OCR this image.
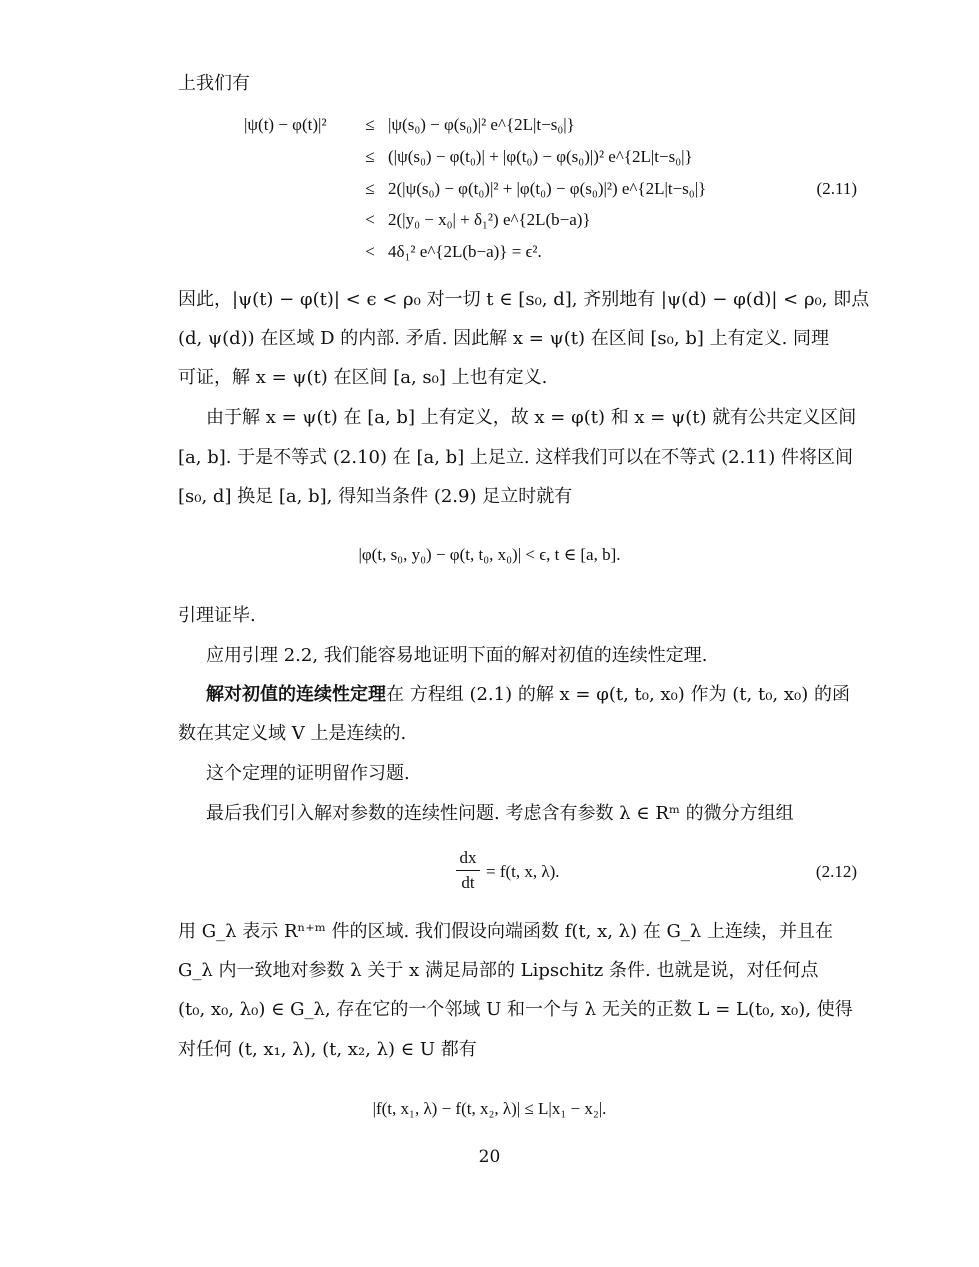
上我们有
|ψ(t) − φ(t)|²	≤ |ψ(s₀) − φ(s₀)|² e^{2L|t−s₀|}
≤ (|ψ(s₀) − φ(t₀)| + |φ(t₀) − φ(s₀)|)² e^{2L|t−s₀|}
≤ 2(|ψ(s₀) − φ(t₀)|² + |φ(t₀) − φ(s₀)|²) e^{2L|t−s₀|}	(2.11)
< 2(|y₀ − x₀| + δ₁²) e^{2L(b−a)}
< 4δ₁² e^{2L(b−a)} = ϵ².
因此，|ψ(t) − φ(t)| < ϵ < ρ₀ 对一切 t ∈ [s₀, d], 齐别地有 |ψ(d) − φ(d)| < ρ₀, 即点
(d, ψ(d)) 在区域 D 的内部. 矛盾. 因此解 x = ψ(t) 在区间 [s₀, b] 上有定义. 同理
可证，解 x = ψ(t) 在区间 [a, s₀] 上也有定义.
由于解 x = ψ(t) 在 [a, b] 上有定义，故 x = φ(t) 和 x = ψ(t) 就有公共定义区间
[a, b]. 于是不等式 (2.10) 在 [a, b] 上足立. 这样我们可以在不等式 (2.11) 件将区间
[s₀, d] 换足 [a, b], 得知当条件 (2.9) 足立时就有
|φ(t, s₀, y₀) − φ(t, t₀, x₀)| < ϵ, t ∈ [a, b].
引理证毕.
应用引理 2.2, 我们能容易地证明下面的解对初值的连续性定理.
解对初值的连续性定理在 方程组 (2.1) 的解 x = φ(t, t₀, x₀) 作为 (t, t₀, x₀) 的函
数在其定义域 V 上是连续的.
这个定理的证明留作习题.
最后我们引入解对参数的连续性问题. 考虑含有参数 λ ∈ Rᵐ 的微分方组组
dx
dt
= f(t, x, λ).	(2.12)
用 G_λ 表示 Rⁿ⁺ᵐ 件的区域. 我们假设向端函数 f(t, x, λ) 在 G_λ 上连续，并且在
G_λ 内一致地对参数 λ 关于 x 满足局部的 Lipschitz 条件. 也就是说，对任何点
(t₀, x₀, λ₀) ∈ G_λ, 存在它的一个邻域 U 和一个与 λ 无关的正数 L = L(t₀, x₀), 使得
对任何 (t, x₁, λ), (t, x₂, λ) ∈ U 都有
|f(t, x₁, λ) − f(t, x₂, λ)| ≤ L|x₁ − x₂|.
20
